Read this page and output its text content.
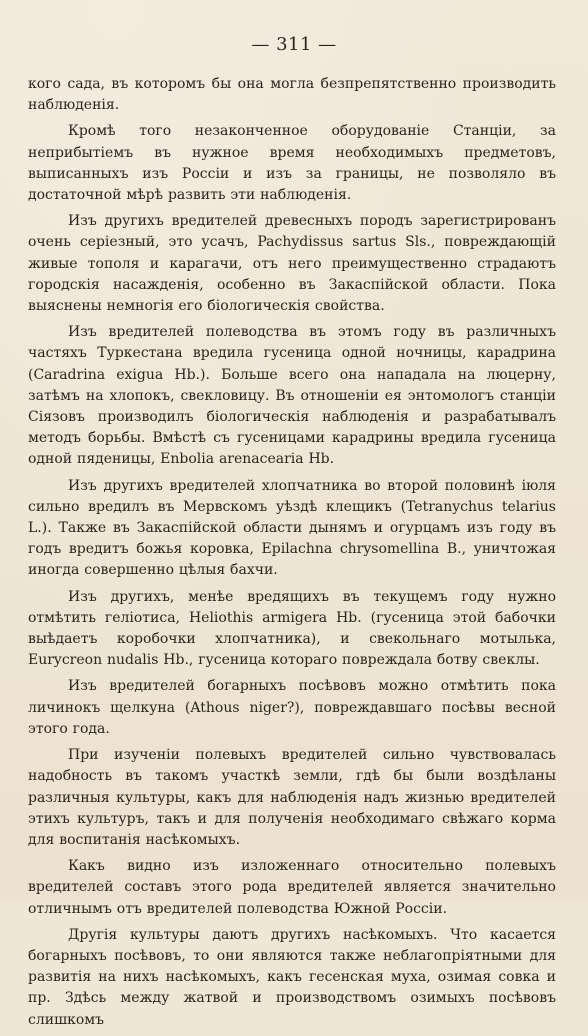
— 311 —

кого сада, въ которомъ бы она могла безпрепятственно производить наблюденія.

Кромѣ того незаконченное оборудованіе Станціи, за неприбытіемъ въ нужное время необходимыхъ предметовъ, выписанныхъ изъ Россіи и изъ за границы, не позволяло въ достаточной мѣрѣ развить эти наблюденія.

Изъ другихъ вредителей древесныхъ породъ зарегистрированъ очень серіезный, это усачъ, Pachydissus sartus Sls., повреждающій живые тополя и карагачи, отъ него преимущественно страдаютъ городскія насажденія, особенно въ Закаспійской области. Пока выяснены немногія его біологическія свойства.

Изъ вредителей полеводства въ этомъ году въ различныхъ частяхъ Туркестана вредила гусеница одной ночницы, карадрина (Caradrina exigua Hb.). Больше всего она нападала на люцерну, затѣмъ на хлопокъ, свекловицу. Въ отношеніи ея энтомологъ станціи Сіязовъ производилъ біологическія наблюденія и разрабатывалъ методъ борьбы. Вмѣстѣ съ гусеницами карадрины вредила гусеница одной пяденицы, Enbolia arenacearia Hb.

Изъ другихъ вредителей хлопчатника во второй половинѣ іюля сильно вредилъ въ Мервскомъ уѣздѣ клещикъ (Tetranychus telarius L.). Также въ Закаспійской области дынямъ и огурцамъ изъ году въ годъ вредитъ божья коровка, Epilachna chrysomellina B., уничтожая иногда совершенно цѣлыя бахчи.

Изъ другихъ, менѣе вредящихъ въ текущемъ году нужно отмѣтить геліотиса, Heliothis armigera Hb. (гусеница этой бабочки выѣдаетъ коробочки хлопчатника), и свекольнаго мотылька, Eurycreon nudalis Hb., гусеница котораго повреждала ботву свеклы.

Изъ вредителей богарныхъ посѣвовъ можно отмѣтить пока личинокъ щелкуна (Athous niger?), повреждавшаго посѣвы весной этого года.

При изученіи полевыхъ вредителей сильно чувствовалась надобность въ такомъ участкѣ земли, гдѣ бы были воздѣланы различныя культуры, какъ для наблюденія надъ жизнью вредителей этихъ культуръ, такъ и для полученія необходимаго свѣжаго корма для воспитанія насѣкомыхъ.

Какъ видно изъ изложеннаго относительно полевыхъ вредителей составъ этого рода вредителей является значительно отличнымъ отъ вредителей полеводства Южной Россіи.

Другія культуры даютъ другихъ насѣкомыхъ. Что касается богарныхъ посѣвовъ, то они являются также неблагопріятными для развитія на нихъ насѣкомыхъ, какъ гесенская муха, озимая совка и пр. Здѣсь между жатвой и производствомъ озимыхъ посѣвовъ слишкомъ
